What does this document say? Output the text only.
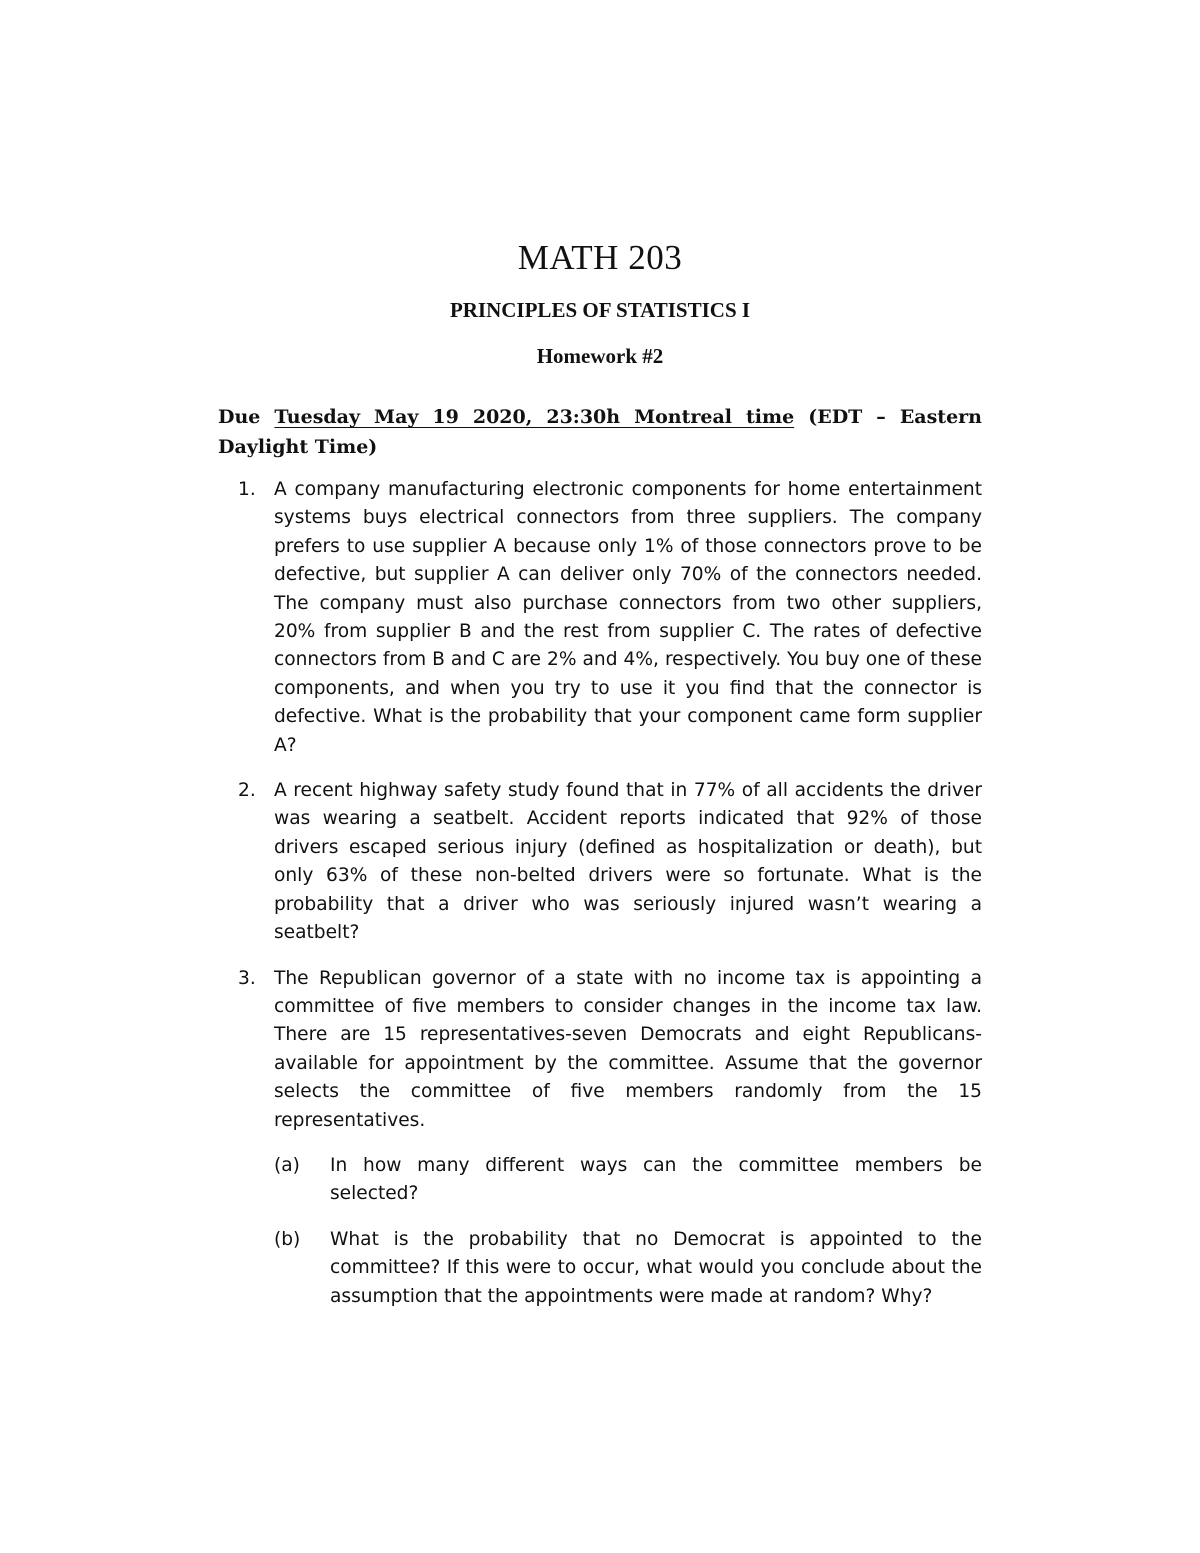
MATH 203
PRINCIPLES OF STATISTICS I
Homework #2
Due Tuesday May 19 2020, 23:30h Montreal time (EDT – Eastern Daylight Time)
1. A company manufacturing electronic components for home entertainment systems buys electrical connectors from three suppliers. The company prefers to use supplier A because only 1% of those connectors prove to be defective, but supplier A can deliver only 70% of the connectors needed. The company must also purchase connectors from two other suppliers, 20% from supplier B and the rest from supplier C. The rates of defective connectors from B and C are 2% and 4%, respectively. You buy one of these components, and when you try to use it you find that the connector is defective. What is the probability that your component came form supplier A?
2. A recent highway safety study found that in 77% of all accidents the driver was wearing a seatbelt. Accident reports indicated that 92% of those drivers escaped serious injury (defined as hospitalization or death), but only 63% of these non-belted drivers were so fortunate. What is the probability that a driver who was seriously injured wasn’t wearing a seatbelt?
3. The Republican governor of a state with no income tax is appointing a committee of five members to consider changes in the income tax law. There are 15 representatives-seven Democrats and eight Republicans-available for appointment by the committee. Assume that the governor selects the committee of five members randomly from the 15 representatives.
(a) In how many different ways can the committee members be selected?
(b) What is the probability that no Democrat is appointed to the committee? If this were to occur, what would you conclude about the assumption that the appointments were made at random? Why?
